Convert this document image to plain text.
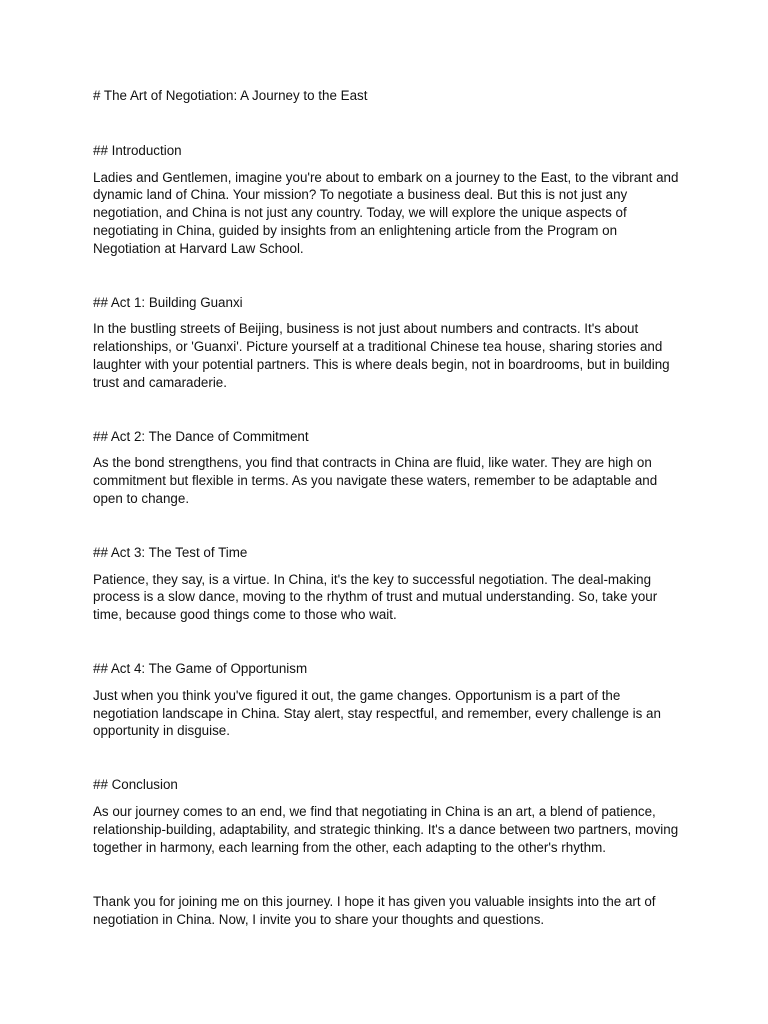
# The Art of Negotiation: A Journey to the East
## Introduction
Ladies and Gentlemen, imagine you're about to embark on a journey to the East, to the vibrant and
dynamic land of China. Your mission? To negotiate a business deal. But this is not just any
negotiation, and China is not just any country. Today, we will explore the unique aspects of
negotiating in China, guided by insights from an enlightening article from the Program on
Negotiation at Harvard Law School.
## Act 1: Building Guanxi
In the bustling streets of Beijing, business is not just about numbers and contracts. It's about
relationships, or 'Guanxi'. Picture yourself at a traditional Chinese tea house, sharing stories and
laughter with your potential partners. This is where deals begin, not in boardrooms, but in building
trust and camaraderie.
## Act 2: The Dance of Commitment
As the bond strengthens, you find that contracts in China are fluid, like water. They are high on
commitment but flexible in terms. As you navigate these waters, remember to be adaptable and
open to change.
## Act 3: The Test of Time
Patience, they say, is a virtue. In China, it's the key to successful negotiation. The deal-making
process is a slow dance, moving to the rhythm of trust and mutual understanding. So, take your
time, because good things come to those who wait.
## Act 4: The Game of Opportunism
Just when you think you've figured it out, the game changes. Opportunism is a part of the
negotiation landscape in China. Stay alert, stay respectful, and remember, every challenge is an
opportunity in disguise.
## Conclusion
As our journey comes to an end, we find that negotiating in China is an art, a blend of patience,
relationship-building, adaptability, and strategic thinking. It's a dance between two partners, moving
together in harmony, each learning from the other, each adapting to the other's rhythm.
Thank you for joining me on this journey. I hope it has given you valuable insights into the art of
negotiation in China. Now, I invite you to share your thoughts and questions.
